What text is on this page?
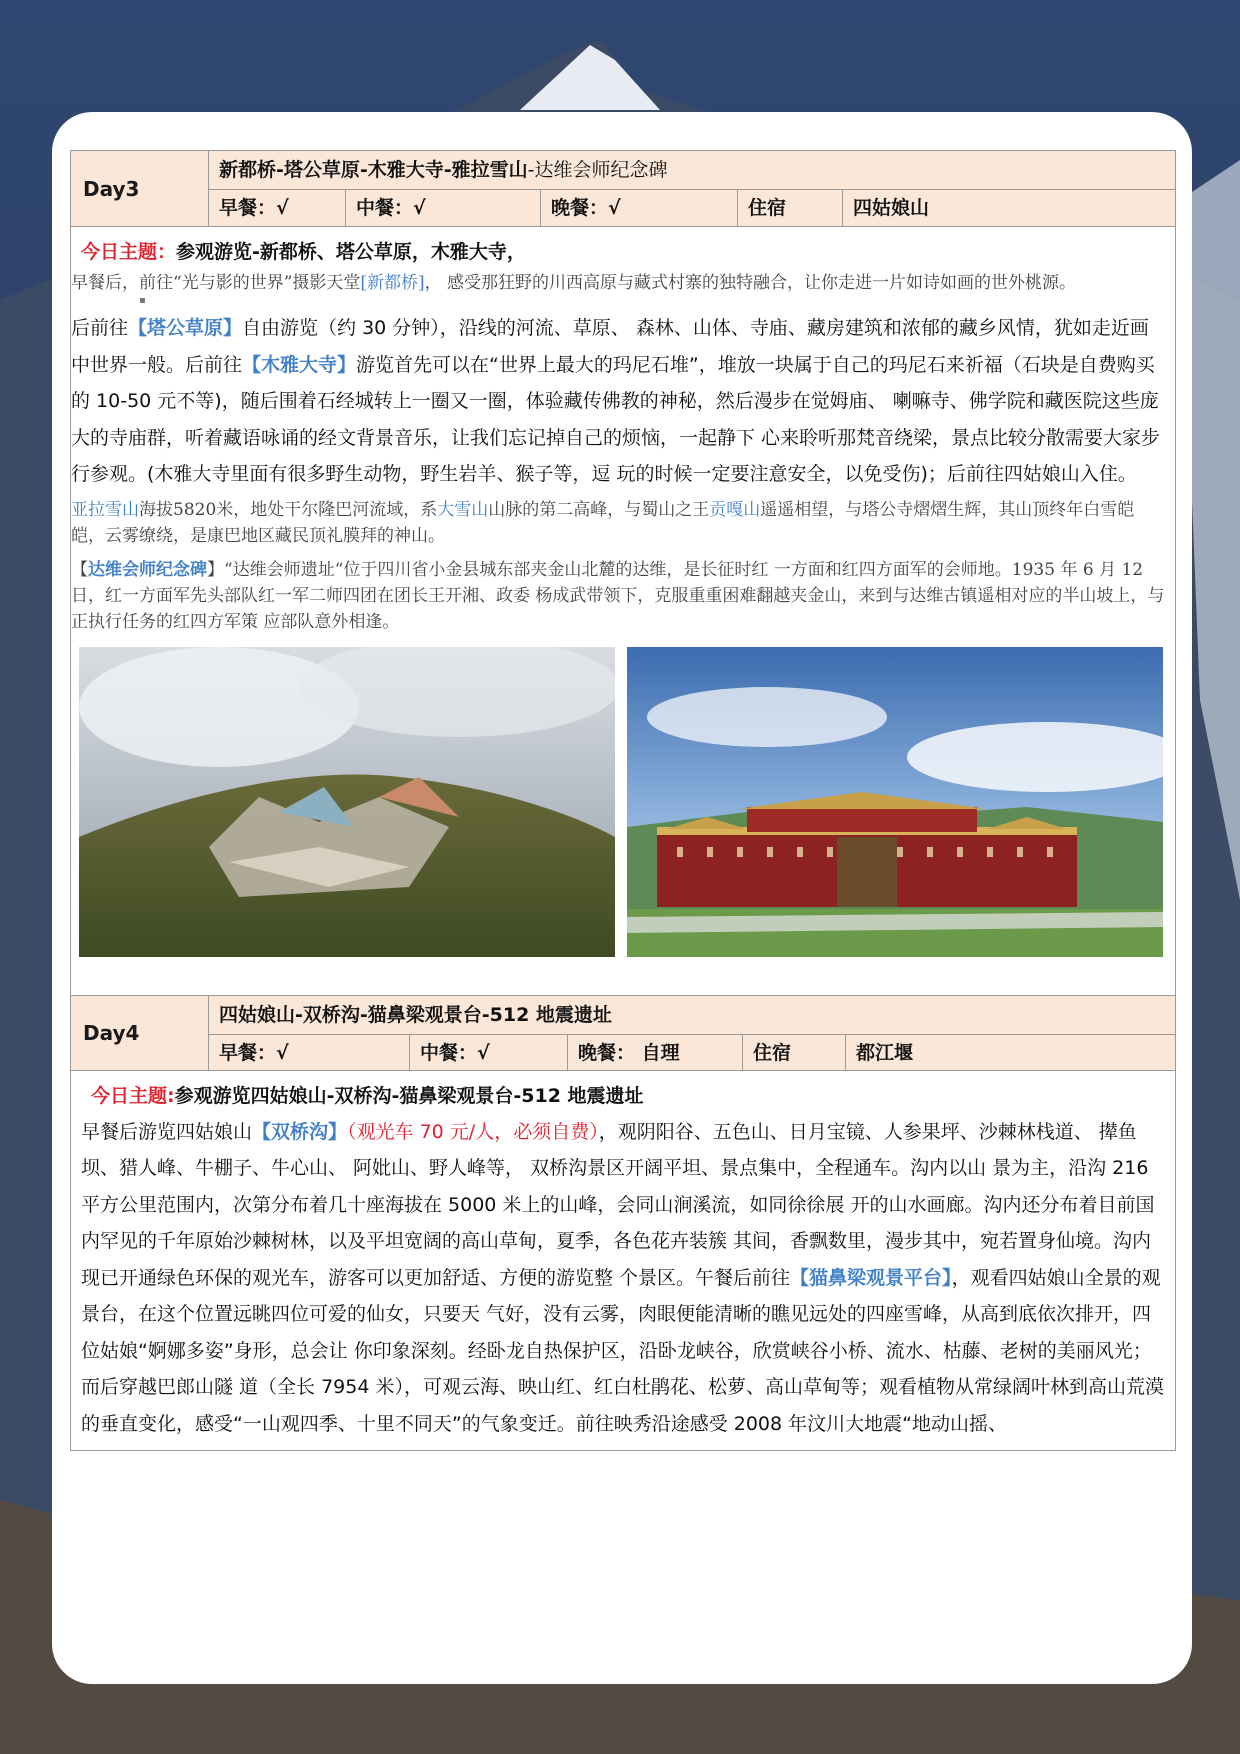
Day3
新都桥-塔公草原-木雅大寺-雅拉雪山-达维会师纪念碑
早餐：√	中餐：√	晚餐：√	住宿	四姑娘山
今日主题：参观游览-新都桥、塔公草原，木雅大寺，
早餐后，前往“光与影的世界”摄影天堂[新都桥]， 感受那狂野的川西高原与藏式村寨的独特融合，让你走进一片如诗如画的世外桃源。
▪
后前往【塔公草原】自由游览（约 30 分钟），沿线的河流、草原、 森林、山体、寺庙、藏房建筑和浓郁的藏乡风情，犹如走近画中世界一般。后前往【木雅大寺】游览首先可以在“世界上最大的玛尼石堆”，堆放一块属于自己的玛尼石来祈福（石块是自费购买的 10-50 元不等)，随后围着石经城转上一圈又一圈，体验藏传佛教的神秘，然后漫步在觉姆庙、 喇嘛寺、佛学院和藏医院这些庞大的寺庙群，听着藏语咏诵的经文背景音乐，让我们忘记掉自己的烦恼，一起静下 心来聆听那梵音绕梁，景点比较分散需要大家步行参观。(木雅大寺里面有很多野生动物，野生岩羊、猴子等，逗 玩的时候一定要注意安全，以免受伤)；后前往四姑娘山入住。
亚拉雪山海拔5820米，地处干尔隆巴河流域，系大雪山山脉的第二高峰，与蜀山之王贡嘎山遥遥相望，与塔公寺熠熠生辉，其山顶终年白雪皑皑，云雾缭绕，是康巴地区藏民顶礼膜拜的神山。
【达维会师纪念碑】“达维会师遗址“位于四川省小金县城东部夹金山北麓的达维，是长征时红 一方面和红四方面军的会师地。1935 年 6 月 12 日，红一方面军先头部队红一军二师四团在团长王开湘、政委 杨成武带领下，克服重重困难翻越夹金山，来到与达维古镇遥相对应的半山坡上，与正执行任务的红四方军策 应部队意外相逢。
Day4
四姑娘山-双桥沟-猫鼻梁观景台-512 地震遗址
早餐：√	中餐：√	晚餐： 自理	住宿	都江堰
今日主题:参观游览四姑娘山-双桥沟-猫鼻梁观景台-512 地震遗址
早餐后游览四姑娘山【双桥沟】（观光车 70 元/人，必须自费），观阴阳谷、五色山、日月宝镜、人参果坪、沙棘林栈道、 撵鱼坝、猎人峰、牛棚子、牛心山、 阿妣山、野人峰等， 双桥沟景区开阔平坦、景点集中，全程通车。沟内以山 景为主，沿沟 216 平方公里范围内，次第分布着几十座海拔在 5000 米上的山峰，会同山涧溪流，如同徐徐展 开的山水画廊。沟内还分布着目前国内罕见的千年原始沙棘树林，以及平坦宽阔的高山草甸，夏季，各色花卉装簇 其间，香飘数里，漫步其中，宛若置身仙境。沟内现已开通绿色环保的观光车，游客可以更加舒适、方便的游览整 个景区。午餐后前往【猫鼻梁观景平台】，观看四姑娘山全景的观景台，在这个位置远眺四位可爱的仙女，只要天 气好，没有云雾，肉眼便能清晰的瞧见远处的四座雪峰，从高到底依次排开，四位姑娘“婀娜多姿”身形，总会让 你印象深刻。经卧龙自热保护区，沿卧龙峡谷，欣赏峡谷小桥、流水、枯藤、老树的美丽风光；而后穿越巴郎山隧 道（全长 7954 米），可观云海、映山红、红白杜鹃花、松萝、高山草甸等；观看植物从常绿阔叶林到高山荒漠 的垂直变化，感受“一山观四季、十里不同天”的气象变迁。前往映秀沿途感受 2008 年汶川大地震“地动山摇、
